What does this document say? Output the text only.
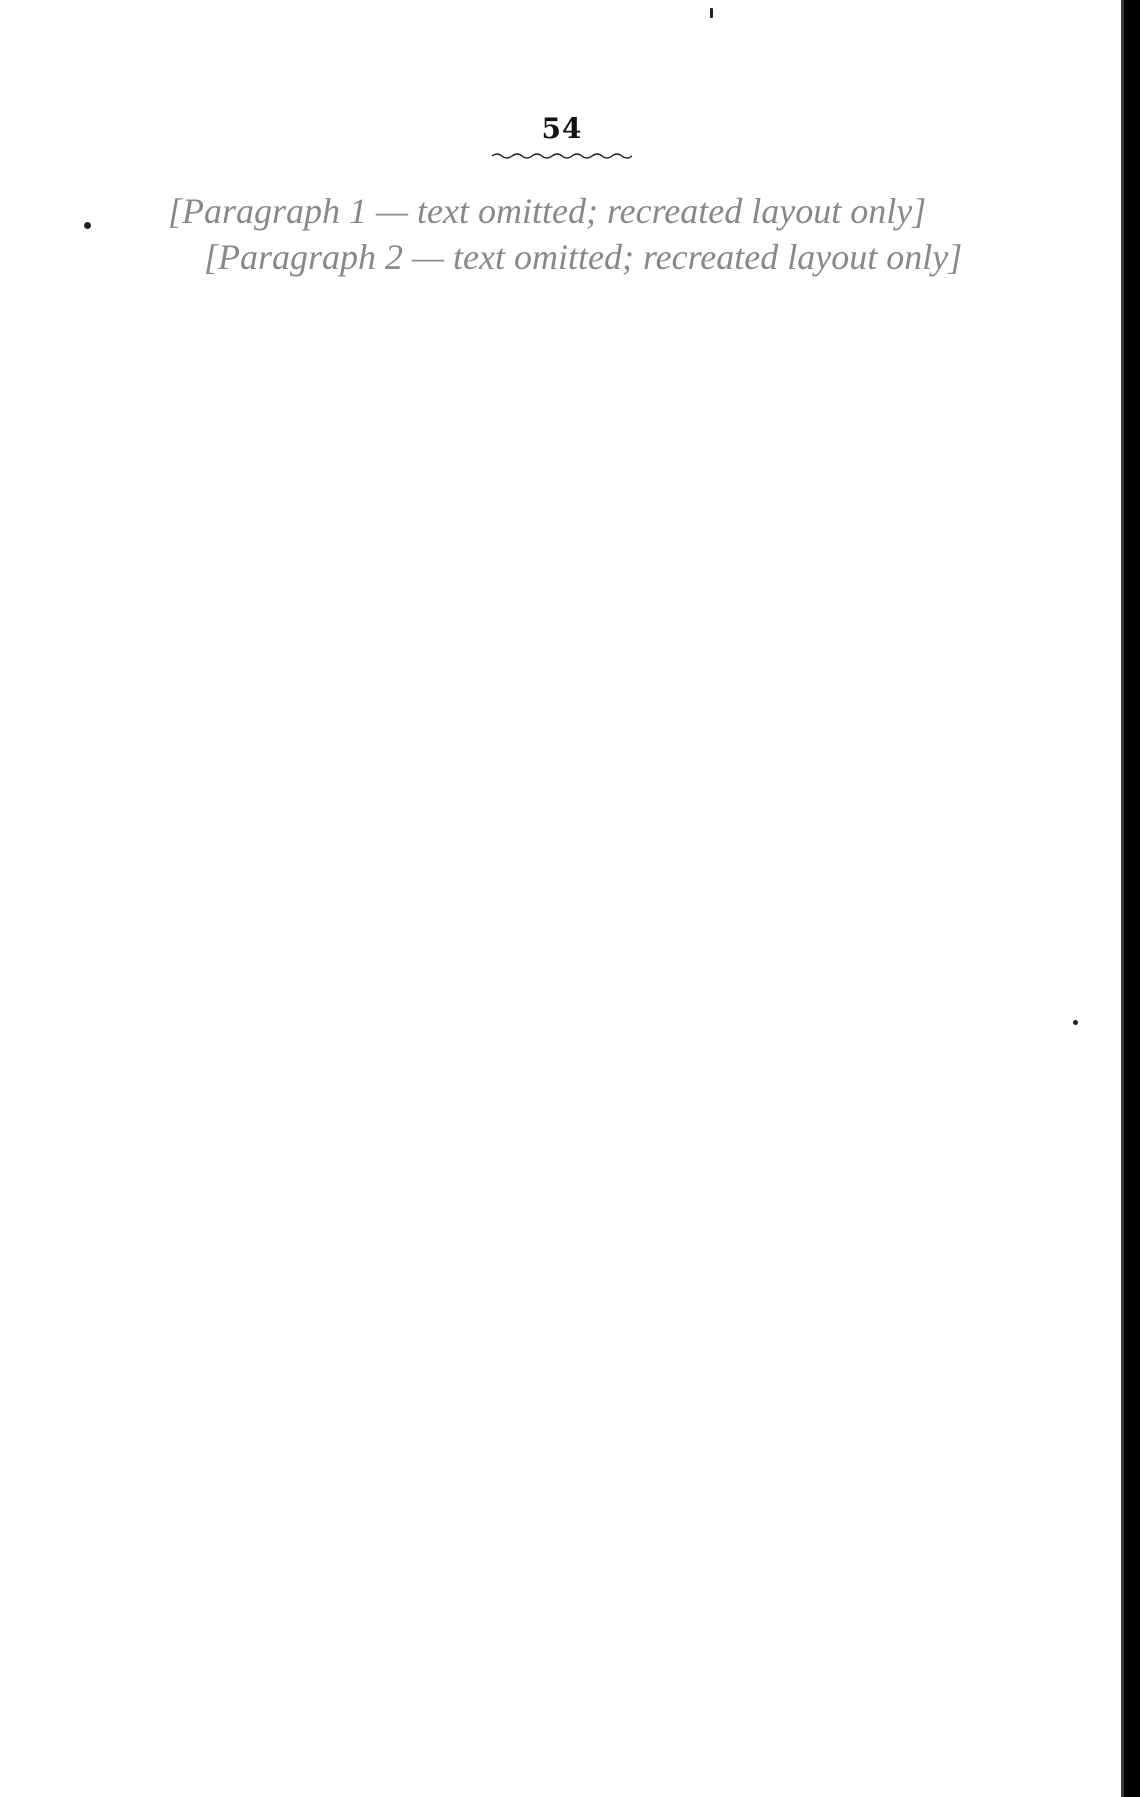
54

[Paragraph 1 — text omitted; recreated layout only]

[Paragraph 2 — text omitted; recreated layout only]
